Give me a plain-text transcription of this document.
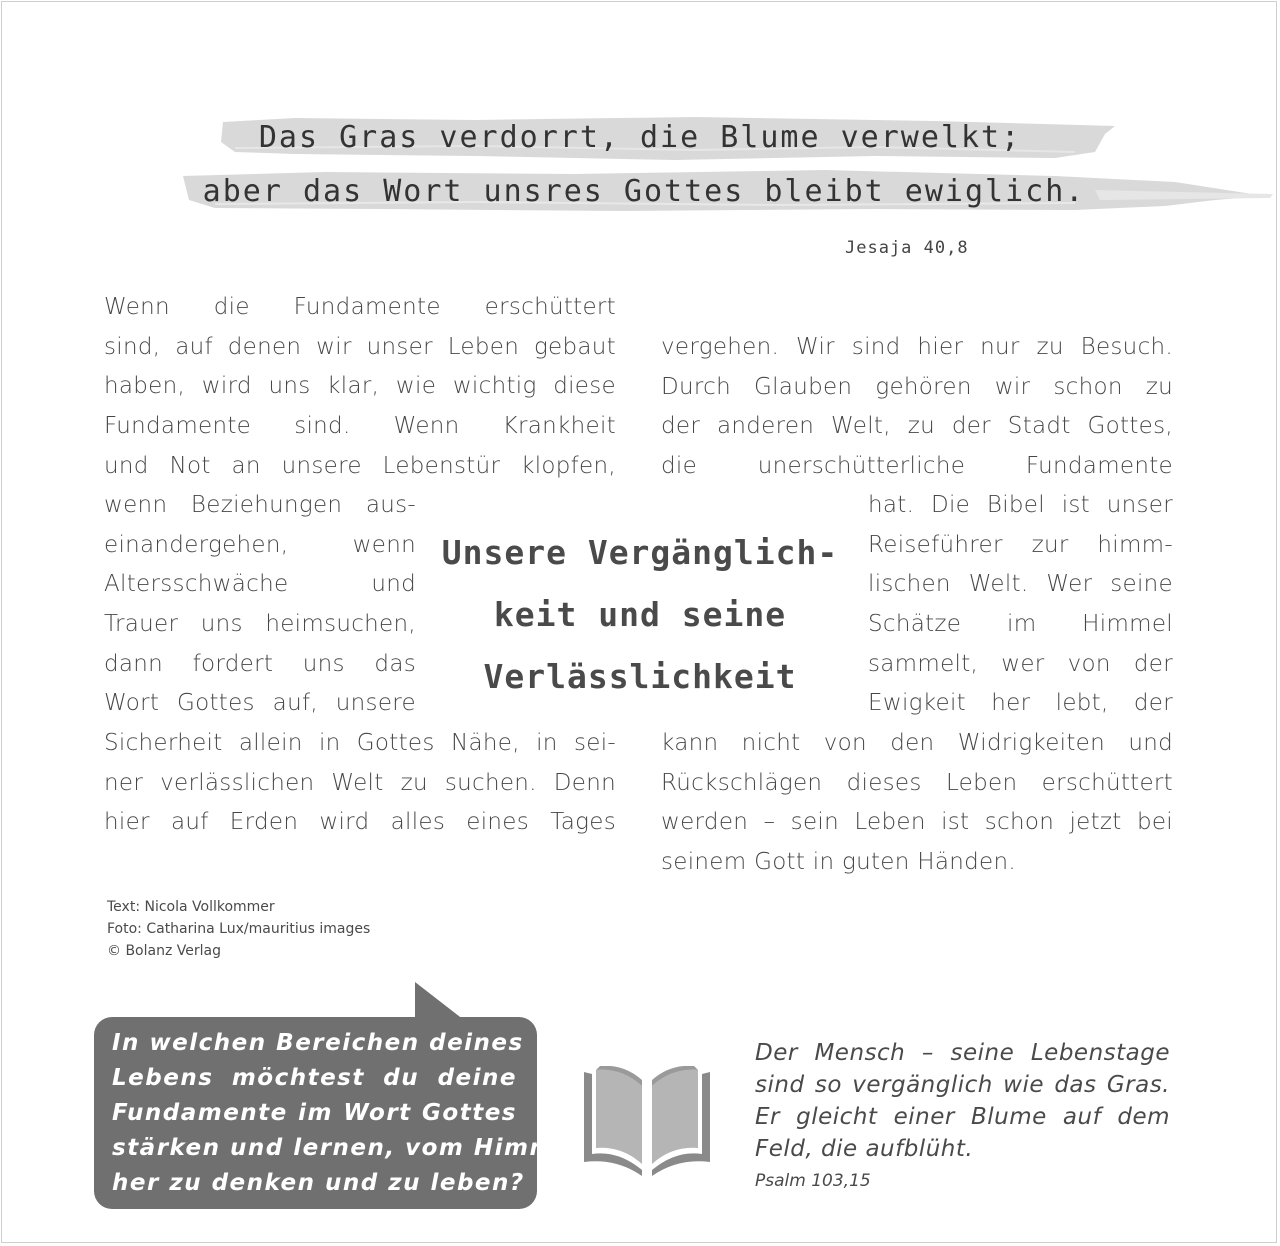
Das Gras verdorrt, die Blume verwelkt;
aber das Wort unsres Gottes bleibt ewiglich.
Jesaja 40,8
Wenn die Fundamente erschüttert
sind, auf denen wir unser Leben gebaut
haben, wird uns klar, wie wichtig diese
Fundamente sind. Wenn Krankheit
und Not an unsere Lebenstür klopfen,
wenn Beziehungen aus-
einandergehen, wenn
Altersschwäche und
Trauer uns heimsuchen,
dann fordert uns das
Wort Gottes auf, unsere
Sicherheit allein in Gottes Nähe, in sei-
ner verlässlichen Welt zu suchen. Denn
hier auf Erden wird alles eines Tages
vergehen. Wir sind hier nur zu Besuch.
Durch Glauben gehören wir schon zu
der anderen Welt, zu der Stadt Gottes,
die unerschütterliche Fundamente
hat. Die Bibel ist unser
Reiseführer zur himm-
lischen Welt. Wer seine
Schätze im Himmel
sammelt, wer von der
Ewigkeit her lebt, der
kann nicht von den Widrigkeiten und
Rückschlägen dieses Leben erschüttert
werden – sein Leben ist schon jetzt bei
seinem Gott in guten Händen.
Unsere Vergänglich-
keit und seine
Verlässlichkeit
Text: Nicola Vollkommer
Foto: Catharina Lux/mauritius images
© Bolanz Verlag
In welchen Bereichen deines
Lebens möchtest du deine
Fundamente im Wort Gottes
stärken und lernen, vom Himmel
her zu denken und zu leben?
Der Mensch – seine Lebenstage
sind so vergänglich wie das Gras.
Er gleicht einer Blume auf dem
Feld, die aufblüht.
Psalm 103,15
